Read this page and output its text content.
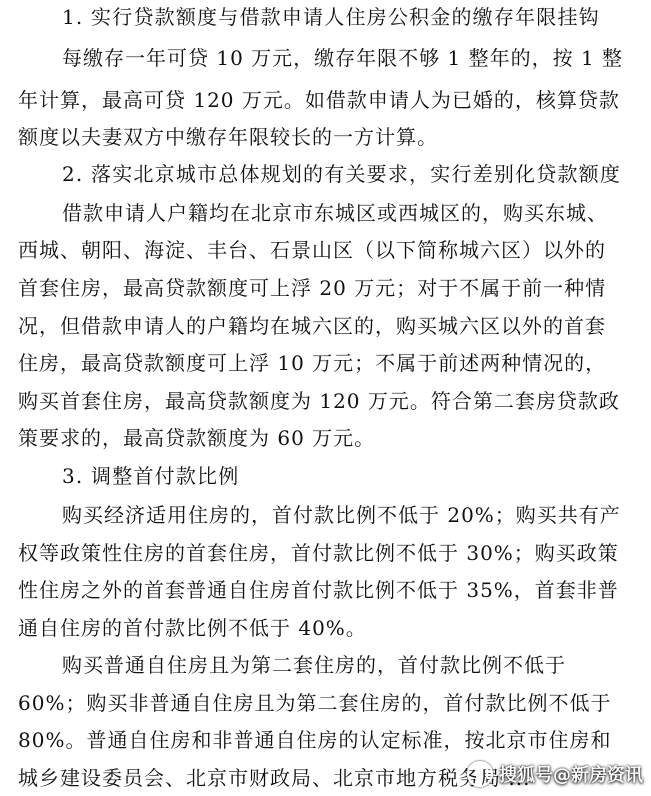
1. 实行贷款额度与借款申请人住房公积金的缴存年限挂钩
每缴存一年可贷 10 万元，缴存年限不够 1 整年的，按 1 整
年计算，最高可贷 120 万元。如借款申请人为已婚的，核算贷款
额度以夫妻双方中缴存年限较长的一方计算。
2. 落实北京城市总体规划的有关要求，实行差别化贷款额度
借款申请人户籍均在北京市东城区或西城区的，购买东城、
西城、朝阳、海淀、丰台、石景山区（以下简称城六区）以外的
首套住房，最高贷款额度可上浮 20 万元；对于不属于前一种情
况，但借款申请人的户籍均在城六区的，购买城六区以外的首套
住房，最高贷款额度可上浮 10 万元；不属于前述两种情况的，
购买首套住房，最高贷款额度为 120 万元。符合第二套房贷款政
策要求的，最高贷款额度为 60 万元。
3. 调整首付款比例
购买经济适用住房的，首付款比例不低于 20%；购买共有产
权等政策性住房的首套住房，首付款比例不低于 30%；购买政策
性住房之外的首套普通自住房首付款比例不低于 35%，首套非普
通自住房的首付款比例不低于 40%。
购买普通自住房且为第二套住房的，首付款比例不低于
60%；购买非普通自住房且为第二套住房的，首付款比例不低于
80%。普通自住房和非普通自住房的认定标准，按北京市住房和
城乡建设委员会、北京市财政局、北京市地方税务局 ...
搜狐号@新房资讯
